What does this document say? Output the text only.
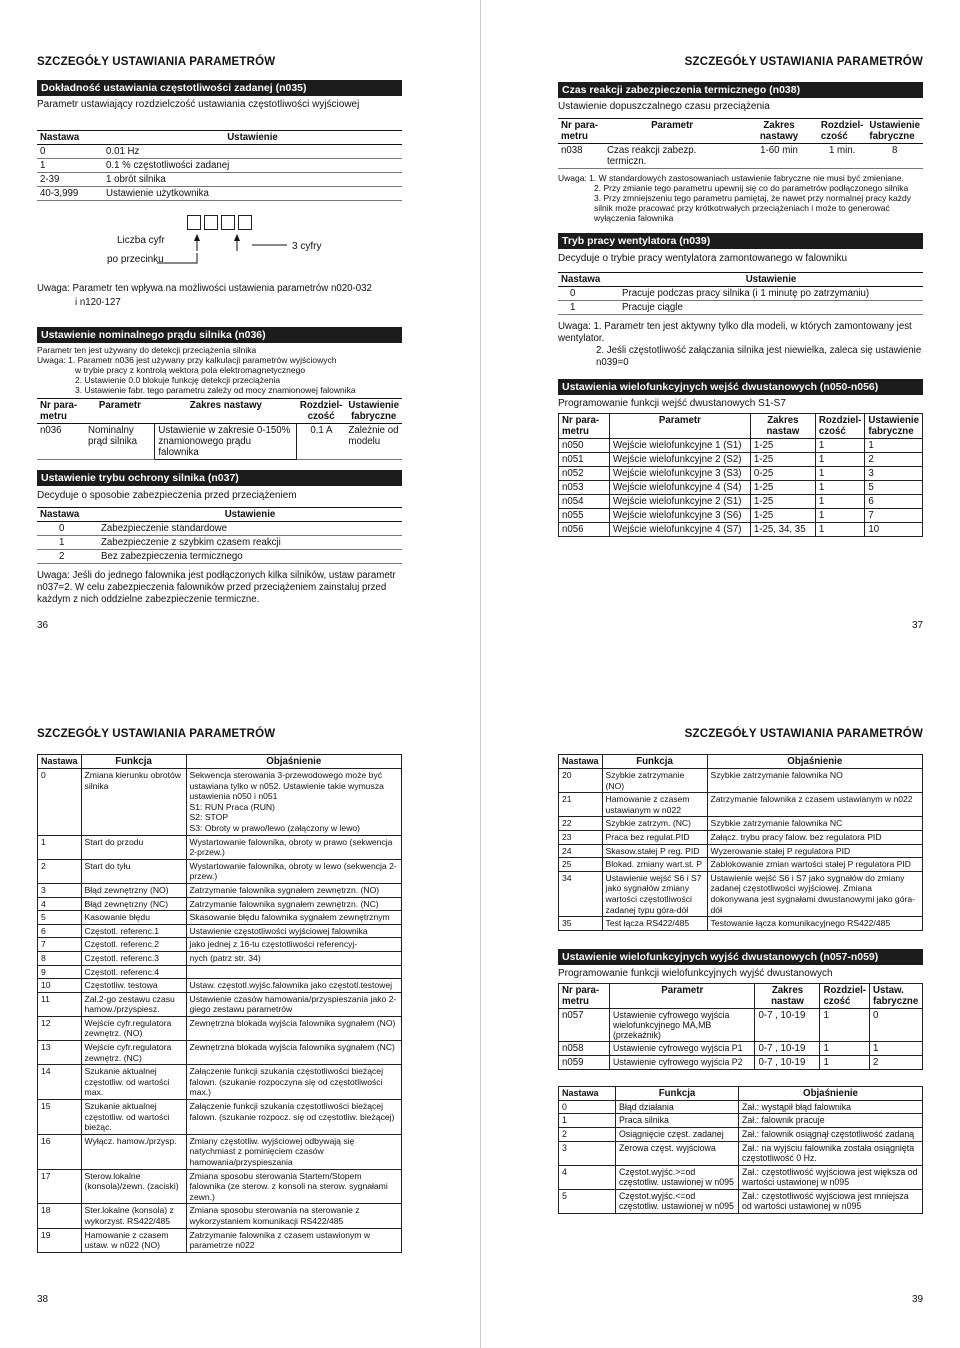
SZCZEGÓŁY USTAWIANIA PARAMETRÓW
Dokładność ustawiania częstotliwości zadanej (n035)
Parametr ustawiający rozdzielczość ustawiania częstotliwości wyjściowej
Nastawa	Ustawienie
0	0.01 Hz
1	0.1 % częstotliwości zadanej
2-39	1 obrót silnika
40-3,999	Ustawienie użytkownika
Liczba cyfr
po przecinku
3 cyfry
Uwaga: Parametr ten wpływa na możliwości ustawienia parametrów n020-032
i n120-127
Ustawienie nominalnego prądu silnika (n036)
Parametr ten jest używany do detekcji przeciążenia silnika
Uwaga: 1. Parametr n036 jest używany przy kalkulacji parametrów wyjściowych
w trybie pracy z kontrolą wektora pola elektromagnetycznego
2. Ustawienie 0.0 blokuje funkcję detekcji przeciążenia
3. Ustawienie fabr. tego parametru zależy od mocy znamionowej falownika
Nr para-metru	Parametr	Zakres nastawy	Rozdziel-czość	Ustawienie fabryczne
n036	Nominalny prąd silnika	Ustawienie w zakresie 0-150% znamionowego prądu falownika	0.1 A	Zależnie od modelu
Ustawienie trybu ochrony silnika (n037)
Decyduje o sposobie zabezpieczenia przed przeciążeniem
Nastawa	Ustawienie
0	Zabezpieczenie standardowe
1	Zabezpieczenie z szybkim czasem reakcji
2	Bez zabezpieczenia termicznego
Uwaga: Jeśli do jednego falownika jest podłączonych kilka silników, ustaw parametr n037=2. W celu zabezpieczenia falowników przed przeciążeniem zainstaluj przed każdym z nich oddzielne zabezpieczenie termiczne.
36
SZCZEGÓŁY USTAWIANIA PARAMETRÓW
Czas reakcji zabezpieczenia termicznego (n038)
Ustawienie dopuszczalnego czasu przeciążenia
Nr para-metru	Parametr	Zakres nastawy	Rozdziel-czość	Ustawienie fabryczne
n038	Czas reakcji zabezp. termiczn.	1-60 min	1 min.	8
Uwaga: 1. W standardowych zastosowaniach ustawienie fabryczne nie musi być zmieniane.
2. Przy zmianie tego parametru upewnij się co do parametrów podłączonego silnika
3. Przy zmniejszeniu tego parametru pamiętaj, że nawet przy normalnej pracy każdy silnik może pracować przy krótkotrwałych przeciążeniach i może to generować wyłączenia falownika
Tryb pracy wentylatora (n039)
Decyduje o trybie pracy wentylatora zamontowanego w falowniku
Nastawa	Ustawienie
0	Pracuje podczas pracy silnika (i 1 minutę po zatrzymaniu)
1	Pracuje ciągle
Uwaga: 1. Parametr ten jest aktywny tylko dla modeli, w których zamontowany jest wentylator.
2. Jeśli częstotliwość załączania silnika jest niewielka, zaleca się ustawienie n039=0
Ustawienia wielofunkcyjnych wejść dwustanowych (n050-n056)
Programowanie funkcji wejść dwustanowych S1-S7
Nr para-metru	Parametr	Zakres nastaw	Rozdziel-czość	Ustawienie fabryczne
n050	Wejście wielofunkcyjne 1 (S1)	1-25	1	1
n051	Wejście wielofunkcyjne 2 (S2)	1-25	1	2
n052	Wejście wielofunkcyjne 3 (S3)	0-25	1	3
n053	Wejście wielofunkcyjne 4 (S4)	1-25	1	5
n054	Wejście wielofunkcyjne 2 (S1)	1-25	1	6
n055	Wejście wielofunkcyjne 3 (S6)	1-25	1	7
n056	Wejście wielofunkcyjne 4 (S7)	1-25, 34, 35	1	10
37
SZCZEGÓŁY USTAWIANIA PARAMETRÓW
Nastawa	Funkcja	Objaśnienie
0	Zmiana kierunku obrotów silnika	Sekwencja sterowania 3-przewodowego może być ustawiana tylko w n052. Ustawienie takie wymusza ustawienia n050 i n051
S1: RUN Praca (RUN)
S2: STOP
S3: Obroty w prawo/lewo (załączony w lewo)
1	Start do przodu	Wystartowanie falownika, obroty w prawo (sekwencja 2-przew.)
2	Start do tyłu	Wystartowanie falownika, obroty w lewo (sekwencja 2-przew.)
3	Błąd zewnętrzny (NO)	Zatrzymanie falownika sygnałem zewnętrzn. (NO)
4	Błąd zewnętrzny (NC)	Zatrzymanie falownika sygnałem zewnętrzn. (NC)
5	Kasowanie błędu	Skasowanie błędu falownika sygnałem zewnętrznym
6	Częstotl. referenc.1	Ustawienie częstotliwości wyjściowej falownika
7	Częstotl. referenc.2	jako jednej z 16-tu częstotliwości referencyj-
8	Częstotl. referenc.3	nych (patrz str. 34)
9	Częstotl. referenc.4	
10	Częstotliw. testowa	Ustaw. częstotl.wyjśc.falownika jako częstotl.testowej
11	Zał.2-go zestawu czasu hamow./przyspiesz.	Ustawienie czasów hamowania/przyspieszania jako 2-giego zestawu parametrów
12	Wejście cyfr.regulatora zewnętrz. (NO)	Zewnętrzna blokada wyjścia falownika sygnałem (NO)
13	Wejście cyfr.regulatora zewnętrz. (NC)	Zewnętrzna blokada wyjścia falownika sygnałem (NC)
14	Szukanie aktualnej częstotliw. od wartości max.	Załączenie funkcji szukania częstotliwości bieżącej falown. (szukanie rozpoczyna się od częstotliwości max.)
15	Szukanie aktualnej częstotliw. od wartości bieżąc.	Załączenie funkcji szukania częstotliwości bieżącej falown. (szukanie rozpocz. się od częstotliw. bieżącej)
16	Wyłącz. hamow./przysp.	Zmiany częstotliw. wyjściowej odbywają się natychmiast z pominięciem czasów hamowania/przyspieszania
17	Sterow.lokalne (konsola)/zewn. (zaciski)	Zmiana sposobu sterowania Startem/Stopem falownika (ze sterow. z konsoli na sterow. sygnałami zewn.)
18	Ster.lokalne (konsola) z wykorzyst. RS422/485	Zmiana sposobu sterowania na sterowanie z wykorzystaniem komunikacji RS422/485
19	Hamowanie z czasem ustaw. w n022 (NO)	Zatrzymanie falownika z czasem ustawionym w parametrze n022
38
SZCZEGÓŁY USTAWIANIA PARAMETRÓW
Nastawa	Funkcja	Objaśnienie
20	Szybkie zatrzymanie (NO)	Szybkie zatrzymanie falownika NO
21	Hamowanie z czasem ustawianym w n022	Zatrzymanie falownika z czasem ustawianym w n022
22	Szybkie zatrzym. (NC)	Szybkie zatrzymanie falownika NC
23	Praca bez regulat.PID	Załącz. trybu pracy falow. bez regulatora PID
24	Skasow.stałej P reg. PID	Wyzerowanie stałej P regulatora PID
25	Blokad. zmiany wart.st. P	Zablokowanie zmian wartości stałej P regulatora PID
34	Ustawienie wejść S6 i S7 jako sygnałów zmiany wartości częstotliwości zadanej typu góra-dół	Ustawienie wejść S6 i S7 jako sygnałów do zmiany zadanej częstotliwości wyjściowej. Zmiana dokonywana jest sygnałami dwustanowymi jako góra-dół
35	Test łącza RS422/485	Testowanie łącza komunikacyjnego RS422/485
Ustawienie wielofunkcyjnych wyjść dwustanowych (n057-n059)
Programowanie funkcji wielofunkcyjnych wyjść dwustanowych
Nr para-metru	Parametr	Zakres nastaw	Rozdziel-czość	Ustaw. fabryczne
n057	Ustawienie cyfrowego wyjścia wielofunkcyjnego MA,MB (przekaźnik)	0-7 , 10-19	1	0
n058	Ustawienie cyfrowego wyjścia P1	0-7 , 10-19	1	1
n059	Ustawienie cyfrowego wyjścia P2	0-7 , 10-19	1	2
Nastawa	Funkcja	Objaśnienie
0	Błąd działania	Zał.: wystąpił błąd falownika
1	Praca silnika	Zał.: falownik pracuje
2	Osiągnięcie częst. zadanej	Zał.: falownik osiągnął częstotliwość zadaną
3	Zerowa częst. wyjściowa	Zał.: na wyjściu falownika została osiągnięta częstotliwość 0 Hz.
4	Częstot.wyjśc.>=od częstotliw. ustawionej w n095	Zał.: częstotliwość wyjściowa jest większa od wartości ustawionej w n095
5	Częstot.wyjśc.<=od częstotliw. ustawionej w n095	Zał.: częstotliwość wyjściowa jest mniejsza od wartości ustawionej w n095
39
